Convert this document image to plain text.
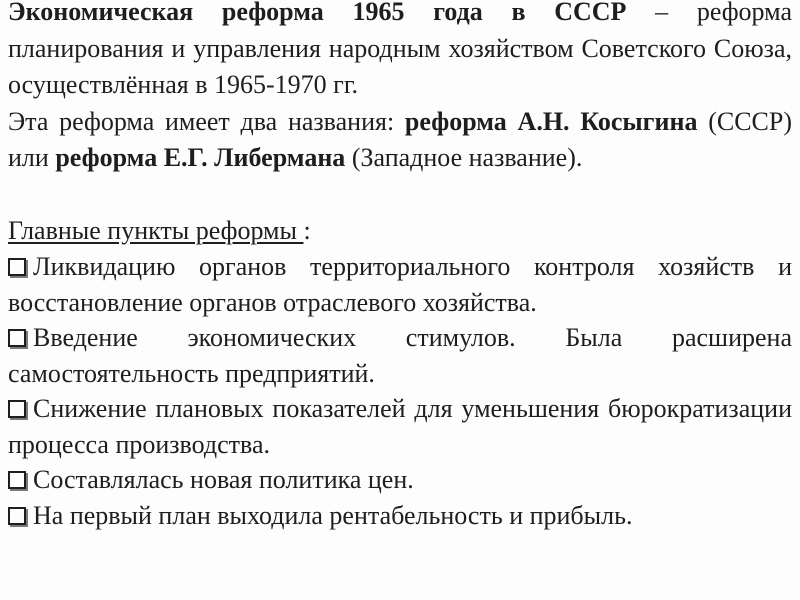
Экономическая реформа 1965 года в СССР – реформа планирования и управления народным хозяйством Советского Союза, осуществлённая в 1965-1970 гг.

Эта реформа имеет два названия: реформа А.Н. Косыгина (СССР) или реформа Е.Г. Либермана (Западное название).

Главные пункты реформы :

Ликвидацию органов территориального контроля хозяйств и восстановление органов отраслевого хозяйства.
Введение экономических стимулов. Была расширена самостоятельность предприятий.
Снижение плановых показателей для уменьшения бюрократизации процесса производства.
Составлялась новая политика цен.
На первый план выходила рентабельность и прибыль.
